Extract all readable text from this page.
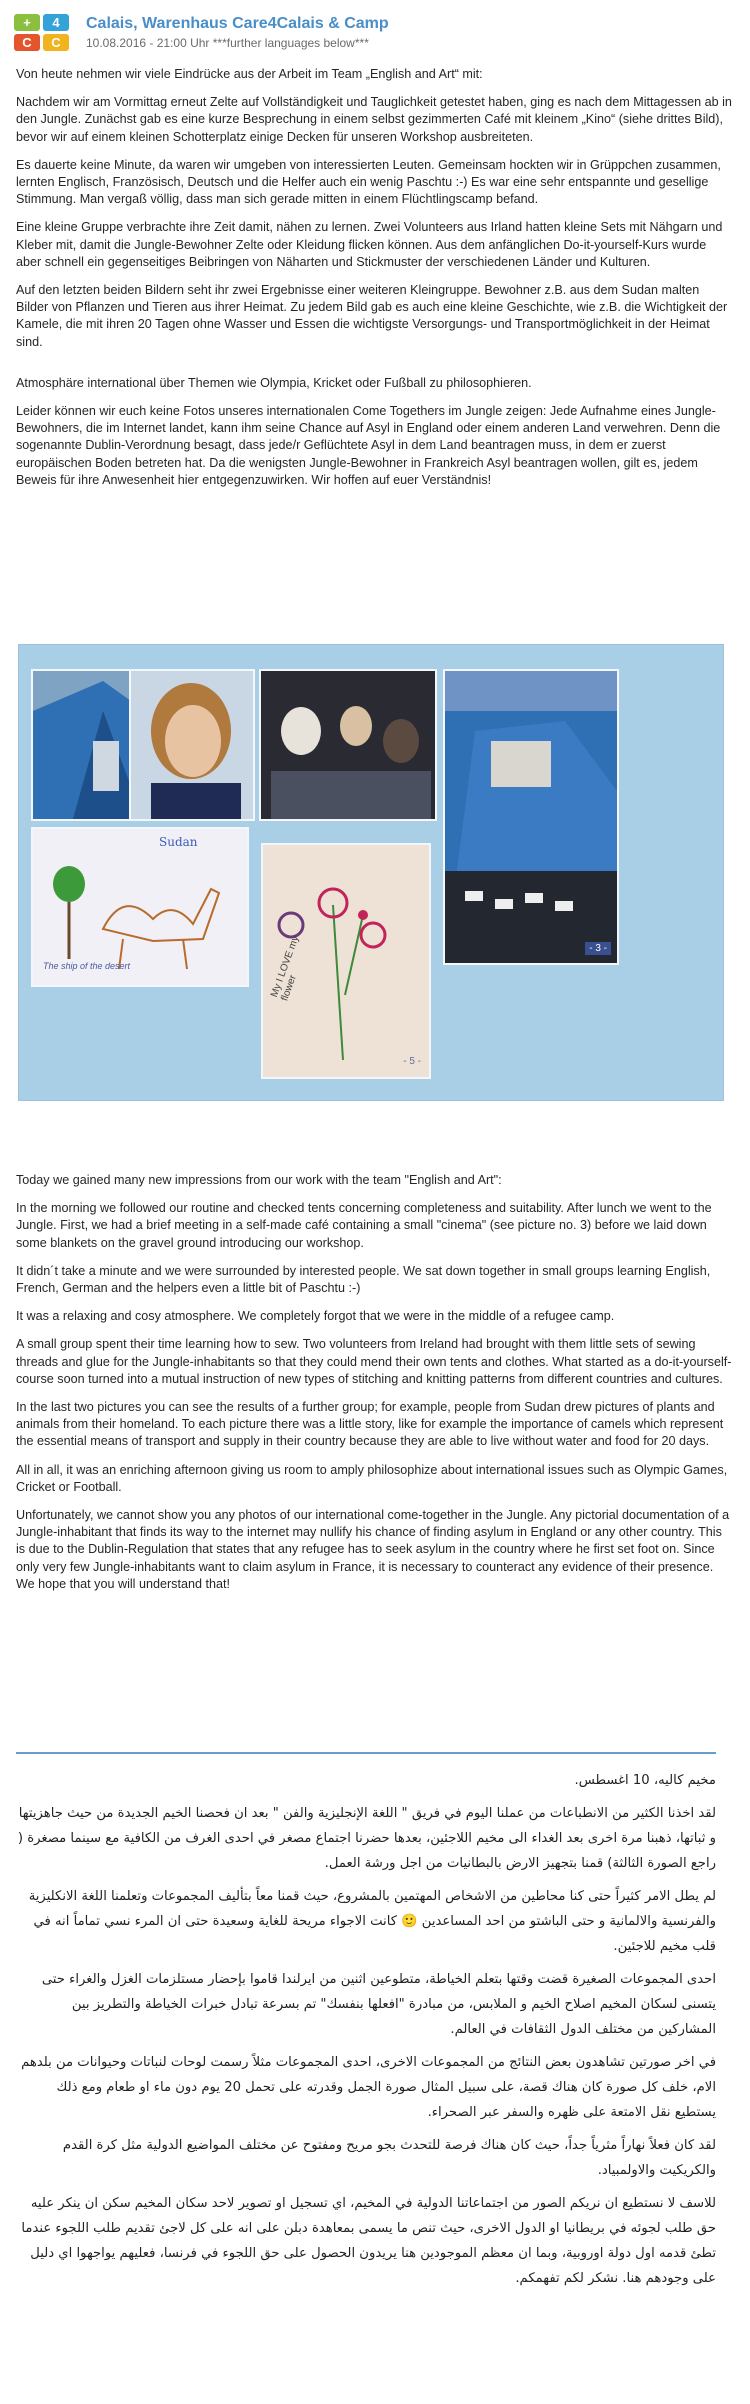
+	4
C	C
Calais, Warenhaus Care4Calais & Camp
10.08.2016 - 21:00 Uhr ***further languages below***

Von heute nehmen wir viele Eindrücke aus der Arbeit im Team „English and Art“ mit:

Nachdem wir am Vormittag erneut Zelte auf Vollständigkeit und Tauglichkeit getestet haben, ging es nach dem Mittagessen ab in den Jungle. Zunächst gab es eine kurze Besprechung in einem selbst gezimmerten Café mit kleinem „Kino“ (siehe drittes Bild), bevor wir auf einem kleinen Schotterplatz einige Decken für unseren Workshop ausbreiteten.

Es dauerte keine Minute, da waren wir umgeben von interessierten Leuten. Gemeinsam hockten wir in Grüppchen zusammen, lernten Englisch, Französisch, Deutsch und die Helfer auch ein wenig Paschtu :-) Es war eine sehr entspannte und gesellige Stimmung. Man vergaß völlig, dass man sich gerade mitten in einem Flüchtlingscamp befand.

Eine kleine Gruppe verbrachte ihre Zeit damit, nähen zu lernen. Zwei Volunteers aus Irland hatten kleine Sets mit Nähgarn und Kleber mit, damit die Jungle-Bewohner Zelte oder Kleidung flicken können. Aus dem anfänglichen Do-it-yourself-Kurs wurde aber schnell ein gegenseitiges Beibringen von Näharten und Stickmuster der verschiedenen Länder und Kulturen.

Auf den letzten beiden Bildern seht ihr zwei Ergebnisse einer weiteren Kleingruppe. Bewohner z.B. aus dem Sudan malten Bilder von Pflanzen und Tieren aus ihrer Heimat. Zu jedem Bild gab es auch eine kleine Geschichte, wie z.B. die Wichtigkeit der Kamele, die mit ihren 20 Tagen ohne Wasser und Essen die wichtigste Versorgungs- und Transportmöglichkeit in der Heimat sind.

Atmosphäre international über Themen wie Olympia, Kricket oder Fußball zu philosophieren.

Leider können wir euch keine Fotos unseres internationalen Come Togethers im Jungle zeigen: Jede Aufnahme eines Jungle-Bewohners, die im Internet landet, kann ihm seine Chance auf Asyl in England oder einem anderen Land verwehren. Denn die sogenannte Dublin-Verordnung besagt, dass jede/r Geflüchtete Asyl in dem Land beantragen muss, in dem er zuerst europäischen Boden betreten hat. Da die wenigsten Jungle-Bewohner in Frankreich Asyl beantragen wollen, gilt es, jedem Beweis für ihre Anwesenheit hier entgegenzuwirken. Wir hoffen auf euer Verständnis!

- 3 -
Sudan
The ship of the desert	My I LOVE my flower
- 5 -

Today we gained many new impressions from our work with the team "English and Art":

In the morning we followed our routine and checked tents concerning completeness and suitability. After lunch we went to the Jungle. First, we had a brief meeting in a self-made café containing a small "cinema" (see picture no. 3) before we laid down some blankets on the gravel ground introducing our workshop.

It didn´t take a minute and we were surrounded by interested people. We sat down together in small groups learning English, French, German and the helpers even a little bit of Paschtu :-)

It was a relaxing and cosy atmosphere. We completely forgot that we were in the middle of a refugee camp.

A small group spent their time learning how to sew. Two volunteers from Ireland had brought with them little sets of sewing threads and glue for the Jungle-inhabitants so that they could mend their own tents and clothes. What started as a do-it-yourself-course soon turned into a mutual instruction of new types of stitching and knitting patterns from different countries and cultures.

In the last two pictures you can see the results of a further group; for example, people from Sudan drew pictures of plants and animals from their homeland. To each picture there was a little story, like for example the importance of camels which represent the essential means of transport and supply in their country because they are able to live without water and food for 20 days.

All in all, it was an enriching afternoon giving us room to amply philosophize about international issues such as Olympic Games, Cricket or Football.

Unfortunately, we cannot show you any photos of our international come-together in the Jungle. Any pictorial documentation of a Jungle-inhabitant that finds its way to the internet may nullify his chance of finding asylum in England or any other country. This is due to the Dublin-Regulation that states that any refugee has to seek asylum in the country where he first set foot on. Since only very few Jungle-inhabitants want to claim asylum in France, it is necessary to counteract any evidence of their presence. We hope that you will understand that!

مخيم كاليه، 10 اغسطس.

لقد اخذنا الكثير من الانطباعات من عملنا اليوم في فريق " اللغة الإنجليزية والفن " بعد ان فحصنا الخيم الجديدة من حيث جاهزيتها و ثباتها، ذهبنا مرة اخرى بعد الغداء الى مخيم اللاجئين، بعدها حضرنا اجتماع مصغر في احدى الغرف من الكافية مع سينما مصغرة ( راجع الصورة الثالثة) قمنا بتجهيز الارض بالبطانيات من اجل ورشة العمل.

لم يطل الامر كثيراً حتى كنا محاطين من الاشخاص المهتمين بالمشروع، حيث قمنا معاً بتأليف المجموعات وتعلمنا اللغة الانكليزية والفرنسية والالمانية و حتى الباشتو من احد المساعدين 🙂 كانت الاجواء مريحة للغاية وسعيدة حتى ان المرء نسي تماماً انه في قلب مخيم للاجئين.

احدى المجموعات الصغيرة قضت وقتها بتعلم الخياطة، متطوعين اثنين من ايرلندا قاموا بإحضار مستلزمات الغزل والغراء حتى يتسنى لسكان المخيم اصلاح الخيم و الملابس، من مبادرة "افعلها بنفسك" تم بسرعة تبادل خبرات الخياطة والتطريز بين المشاركين من مختلف الدول الثقافات في العالم.

في اخر صورتين تشاهدون بعض النتائج من المجموعات الاخرى، احدى المجموعات مثلاً رسمت لوحات لنباتات وحيوانات من بلدهم الام، خلف كل صورة كان هناك قصة، على سبيل المثال صورة الجمل وقدرته على تحمل 20 يوم دون ماء او طعام ومع ذلك يستطيع نقل الامتعة على ظهره والسفر عبر الصحراء.

لقد كان فعلاً نهاراً مثرياً جداً، حيث كان هناك فرصة للتحدث بجو مريح ومفتوح عن مختلف المواضيع الدولية مثل كرة القدم والكريكيت والاولمبياد.

للاسف لا نستطيع ان نريكم الصور من اجتماعاتنا الدولية في المخيم، اي تسجيل او تصوير لاحد سكان المخيم سكن ان ينكر عليه حق طلب لجوئه في بريطانيا او الدول الاخرى، حيث تنص ما يسمى بمعاهدة دبلن على انه على كل لاجئ تقديم طلب اللجوء عندما تطئ قدمه اول دولة اوروبية، وبما ان معظم الموجودين هنا يريدون الحصول على حق اللجوء في فرنسا، فعليهم يواجهوا اي دليل على وجودهم هنا. نشكر لكم تفهمكم.
